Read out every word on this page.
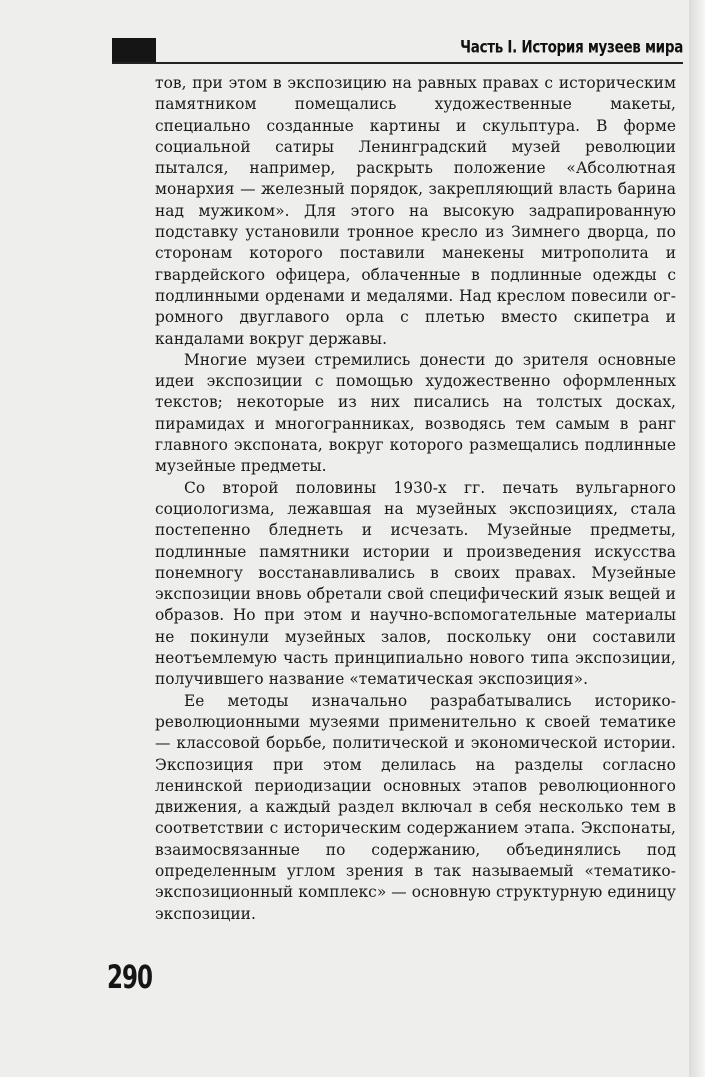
Часть I. История музеев мира

тов, при этом в экспозицию на равных правах с историческим памятником помещались художественные макеты, специально созданные картины и скульптура. В форме социальной сатиры Ленинградский музей революции пытался, например, раскрыть положение «Абсолютная монархия — железный порядок, закрепляющий власть барина над мужиком». Для этого на высокую задрапированную подставку установили тронное кресло из Зимнего дворца, по сторонам которого поставили манекены митрополита и гвардейского офицера, облаченные в подлинные одежды с подлинными орденами и медалями. Над креслом повесили огромного двуглавого орла с плетью вместо скипетра и кандалами вокруг державы.

Многие музеи стремились донести до зрителя основные идеи экспозиции с помощью художественно оформленных текстов; некоторые из них писались на толстых досках, пирамидах и многогранниках, возводясь тем самым в ранг главного экспоната, вокруг которого размещались подлинные музейные предметы.

Со второй половины 1930-х гг. печать вульгарного социологизма, лежавшая на музейных экспозициях, стала постепенно бледнеть и исчезать. Музейные предметы, подлинные памятники истории и произведения искусства понемногу восстанавливались в своих правах. Музейные экспозиции вновь обретали свой специфический язык вещей и образов. Но при этом и научно-вспомогательные материалы не покинули музейных залов, поскольку они составили неотъемлемую часть принципиально нового типа экспозиции, получившего название «тематическая экспозиция».

Ее методы изначально разрабатывались историко-революционными музеями применительно к своей тематике — классовой борьбе, политической и экономической истории. Экспозиция при этом делилась на разделы согласно ленинской периодизации основных этапов революционного движения, а каждый раздел включал в себя несколько тем в соответствии с историческим содержанием этапа. Экспонаты, взаимосвязанные по содержанию, объединялись под определенным углом зрения в так называемый «тематико-экспозиционный комплекс» — основную структурную единицу экспозиции.

290
